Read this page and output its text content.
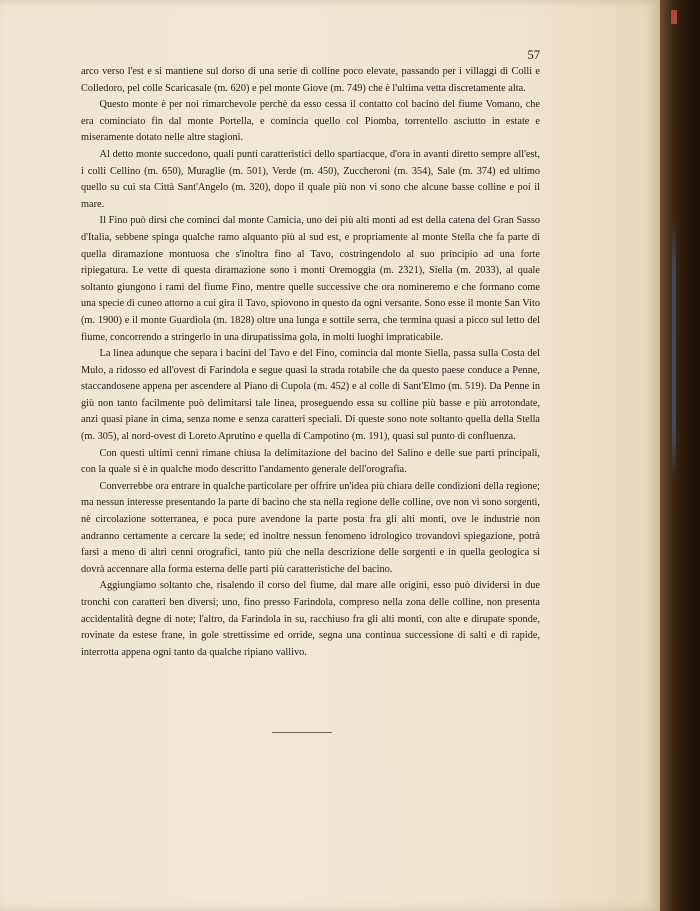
57

arco verso l'est e si mantiene sul dorso di una serie di colline poco elevate, passando per i villaggi di Colli e Colledoro, pel colle Scaricasale (m. 620) e pel monte Giove (m. 749) che è l'ultima vetta discretamente alta.

Questo monte è per noi rimarchevole perchè da esso cessa il contatto col bacino del fiume Vomano, che era cominciato fin dal monte Portella, e comincia quello col Piomba, torrentello asciutto in estate e miseramente dotato nelle altre stagioni.

Al detto monte succedono, quali punti caratteristici dello spartiacque, d'ora in avanti diretto sempre all'est, i colli Cellino (m. 650), Muraglie (m. 501), Verde (m. 450), Zuccheroni (m. 354), Sale (m. 374) ed ultimo quello su cui sta Città Sant'Angelo (m. 320), dopo il quale più non vi sono che alcune basse colline e poi il mare.

Il Fino può dirsi che cominci dal monte Camicia, uno dei più alti monti ad est della catena del Gran Sasso d'Italia, sebbene spinga qualche ramo alquanto più al sud est, e propriamente al monte Stella che fa parte di quella diramazione montuosa che s'inoltra fino al Tavo, costringendolo al suo principio ad una forte ripiegatura. Le vette di questa diramazione sono i monti Oremoggia (m. 2321), Siella (m. 2033), al quale soltanto giungono i rami del fiume Fino, mentre quelle successive che ora nomineremo e che formano come una specie di cuneo attorno a cui gira il Tavo, spiovono in questo da ogni versante. Sono esse il monte San Vito (m. 1900) e il monte Guardiola (m. 1828) oltre una lunga e sottile serra, che termina quasi a picco sul letto del fiume, concorrendo a stringerlo in una dirupatissima gola, in molti luoghi impraticabile.

La linea adunque che separa i bacini del Tavo e del Fino, comincia dal monte Siella, passa sulla Costa del Mulo, a ridosso ed all'ovest di Farindola e segue quasi la strada rotabile che da questo paese conduce a Penne, staccandosene appena per ascendere al Piano di Cupola (m. 452) e al colle di Sant'Elmo (m. 519). Da Penne in giù non tanto facilmente può delimitarsi tale linea, proseguendo essa su colline più basse e più arrotondate, anzi quasi piane in cima, senza nome e senza caratteri speciali. Di queste sono note soltanto quella della Stella (m. 305), al nord-ovest di Loreto Aprutino e quella di Campotino (m. 191), quasi sul punto di confluenza.

Con questi ultimi cenni rimane chiusa la delimitazione del bacino del Salino e delle sue parti principali, con la quale si è in qualche modo descritto l'andamento generale dell'orografia.

Converrebbe ora entrare in qualche particolare per offrire un'idea più chiara delle condizioni della regione; ma nessun interesse presentando la parte di bacino che sta nella regione delle colline, ove non vi sono sorgenti, nè circolazione sotterranea, e poca pure avendone la parte posta fra gli alti monti, ove le industrie non andranno certamente a cercare la sede; ed inoltre nessun fenomeno idrologico trovandovi spiegazione, potrà farsi a meno di altri cenni orografici, tanto più che nella descrizione delle sorgenti e in quella geologica si dovrà accennare alla forma esterna delle parti più caratteristiche del bacino.

Aggiungiamo soltanto che, risalendo il corso del fiume, dal mare alle origini, esso può dividersi in due tronchi con caratteri ben diversi; uno, fino presso Farindola, compreso nella zona delle colline, non presenta accidentalità degne di note; l'altro, da Farindola in su, racchiuso fra gli alti monti, con alte e dirupate sponde, rovinate da estese frane, in gole strettissime ed orride, segna una continua successione di salti e di rapide, interrotta appena ogni tanto da qualche ripiano vallivo.
